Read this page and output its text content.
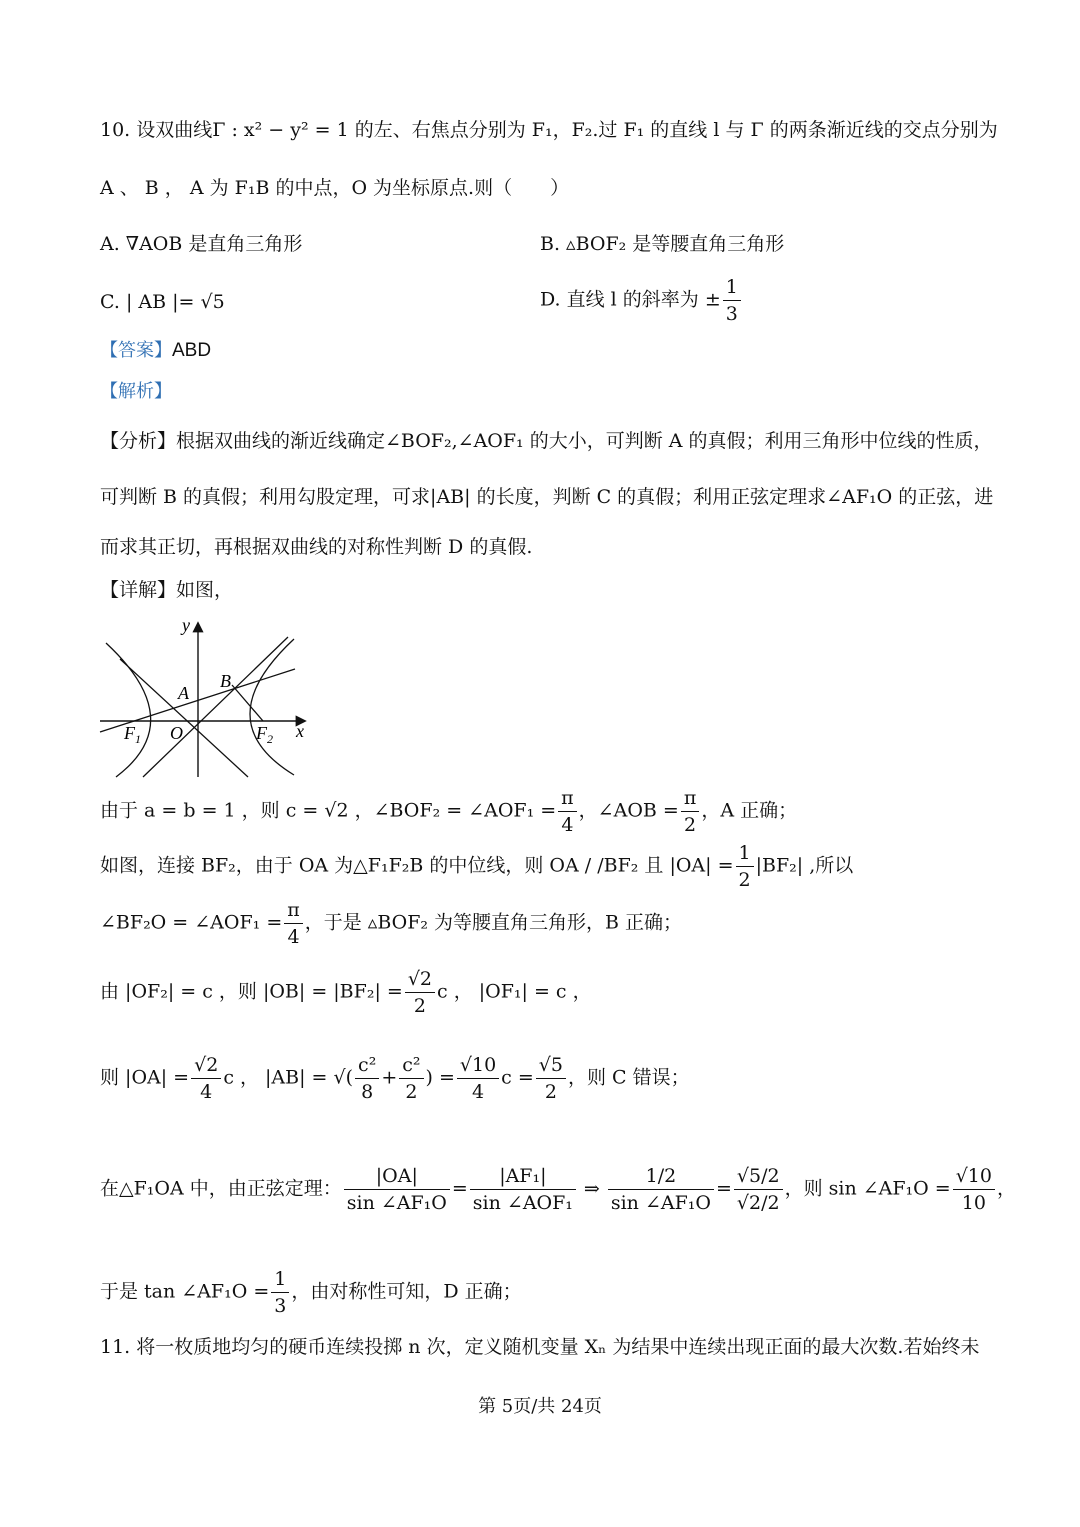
10. 设双曲线Γ : x² − y² = 1 的左、右焦点分别为 F₁，F₂.过 F₁ 的直线 l 与 Γ 的两条渐近线的交点分别为
A 、 B ， A 为 F₁B 的中点，O 为坐标原点.则（　　）
A. ∇AOB 是直角三角形	B. ▵BOF₂ 是等腰直角三角形
C. | AB |= √5	D. 直线 l 的斜率为 ± $\frac{1}{3}$
【答案】ABD
【解析】
【分析】根据双曲线的渐近线确定∠BOF₂,∠AOF₁ 的大小，可判断 A 的真假；利用三角形中位线的性质，
可判断 B 的真假；利用勾股定理，可求|AB| 的长度，判断 C 的真假；利用正弦定理求∠AF₁O 的正弦，进
而求其正切，再根据双曲线的对称性判断 D 的真假.
【详解】如图，
y
x
A
B
O
$F_1$	$F_2$
由于 a = b = 1 ，则 c = √2 ，∠BOF₂ = ∠AOF₁ = $\frac{\pi}{4}$ ，∠AOB = $\frac{\pi}{2}$ ，A 正确；
如图，连接 BF₂，由于 OA 为△F₁F₂B 的中位线，则 OA / /BF₂ 且 $|OA| = \frac{1}{2} |BF_2|$ ,所以
∠BF₂O = ∠AOF₁ = $\frac{\pi}{4}$ ，于是 ▵BOF₂ 为等腰直角三角形，B 正确；
由 |OF₂| = c ，则 $|OB| = |BF_2| = \frac{√2}{2}$ c ， |OF₁| = c ，
则 $|OA| = \frac{√2}{4}$ c ， |AB| = √( $\frac{\text{c²}}{8} + \frac{\text{c²}}{2}$ ) = $\frac{√10}{4}$ $c = \frac{√5}{2}$ ，则 C 错误；
在△F₁OA 中，由正弦定理： $\frac{|OA|}{\text{sin ∠AF₁O}} = \frac{\text{|AF₁|}}{\text{sin ∠AOF₁}}$ ⇒ $\frac{1/2}{\text{sin ∠AF₁O}} = \frac{√5/2}{√2/2}$ ，则 sin ∠AF₁O = $\frac{√10}{10}$ ，
于是 tan ∠AF₁O = $\frac{1}{3}$ ，由对称性可知，D 正确；
11. 将一枚质地均匀的硬币连续投掷 n 次，定义随机变量 Xₙ 为结果中连续出现正面的最大次数.若始终未
第 5页/共 24页
